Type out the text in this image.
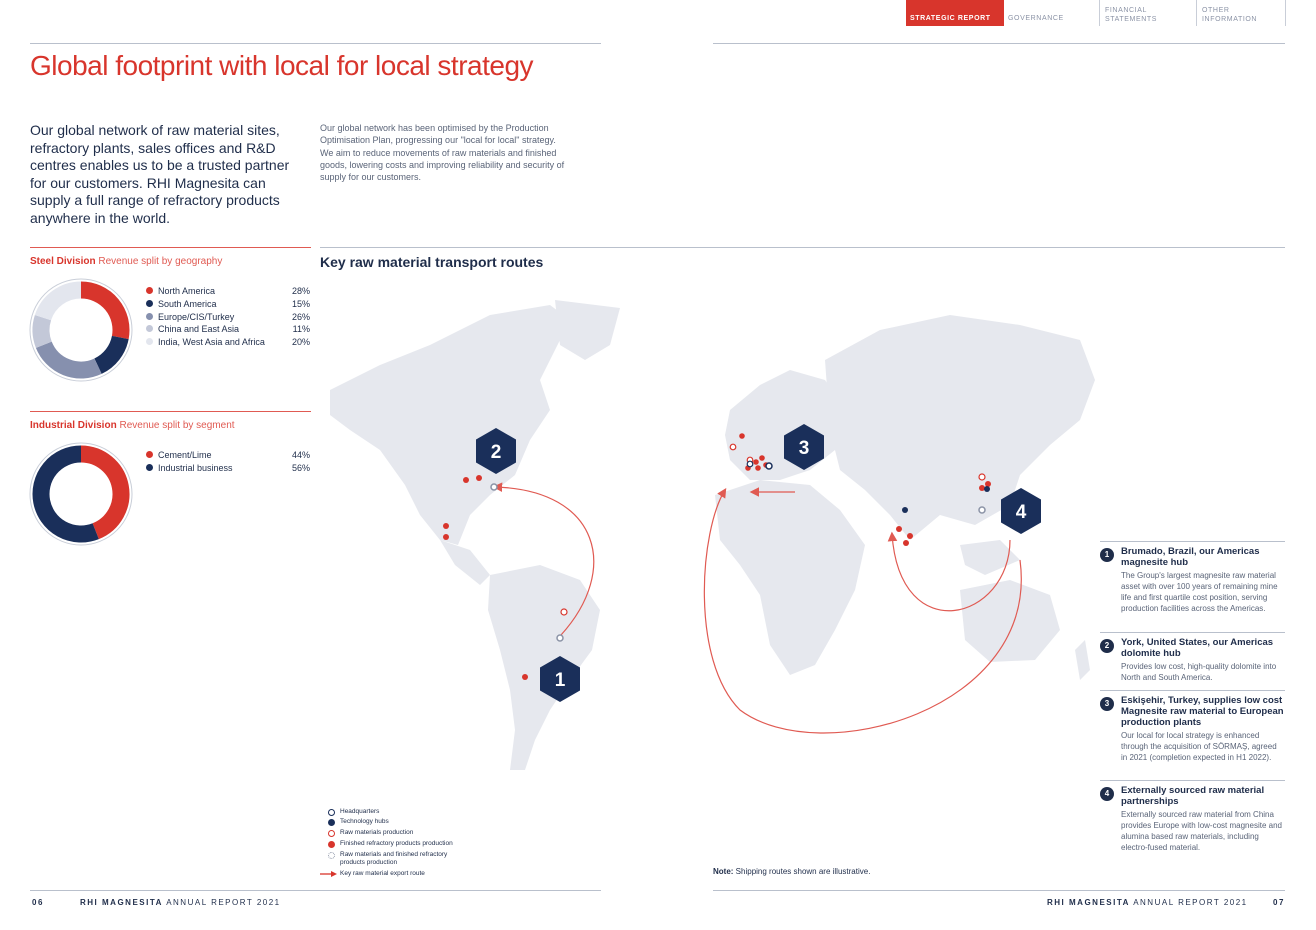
STRATEGIC REPORT	GOVERNANCE
FINANCIAL
STATEMENTS
OTHER
INFORMATION
Global footprint with local for local strategy
Our global network of raw material sites, refractory plants, sales offices and R&D centres enables us to be a trusted partner for our customers. RHI Magnesita can supply a full range of refractory products anywhere in the world.
Our global network has been optimised by the Production Optimisation Plan, progressing our "local for local" strategy. We aim to reduce movements of raw materials and finished goods, lowering costs and improving reliability and security of supply for our customers.
Steel Division Revenue split by geography
North America	28%
South America	15%
Europe/CIS/Turkey	26%
China and East Asia	11%
India, West Asia and Africa	20%
Industrial Division Revenue split by segment
Cement/Lime	44%
Industrial business	56%
Key raw material transport routes
1
2	3
4
Headquarters
Technology hubs
Raw materials production
Finished refractory products production
Raw materials and finished refractory products production
Key raw material export route	Note: Shipping routes shown are illustrative.
1	Brumado, Brazil, our Americas magnesite hub
The Group's largest magnesite raw material asset with over 100 years of remaining mine life and first quartile cost position, serving production facilities across the Americas.
2	York, United States, our Americas dolomite hub
Provides low cost, high-quality dolomite into North and South America.
3	Eskişehir, Turkey, supplies low cost Magnesite raw material to European production plants
Our local for local strategy is enhanced through the acquisition of SÖRMAŞ, agreed in 2021 (completion expected in H1 2022).
4	Externally sourced raw material partnerships
Externally sourced raw material from China provides Europe with low-cost magnesite and alumina based raw materials, including electro-fused material.
06	RHI MAGNESITA ANNUAL REPORT 2021	RHI MAGNESITA ANNUAL REPORT 2021	07
